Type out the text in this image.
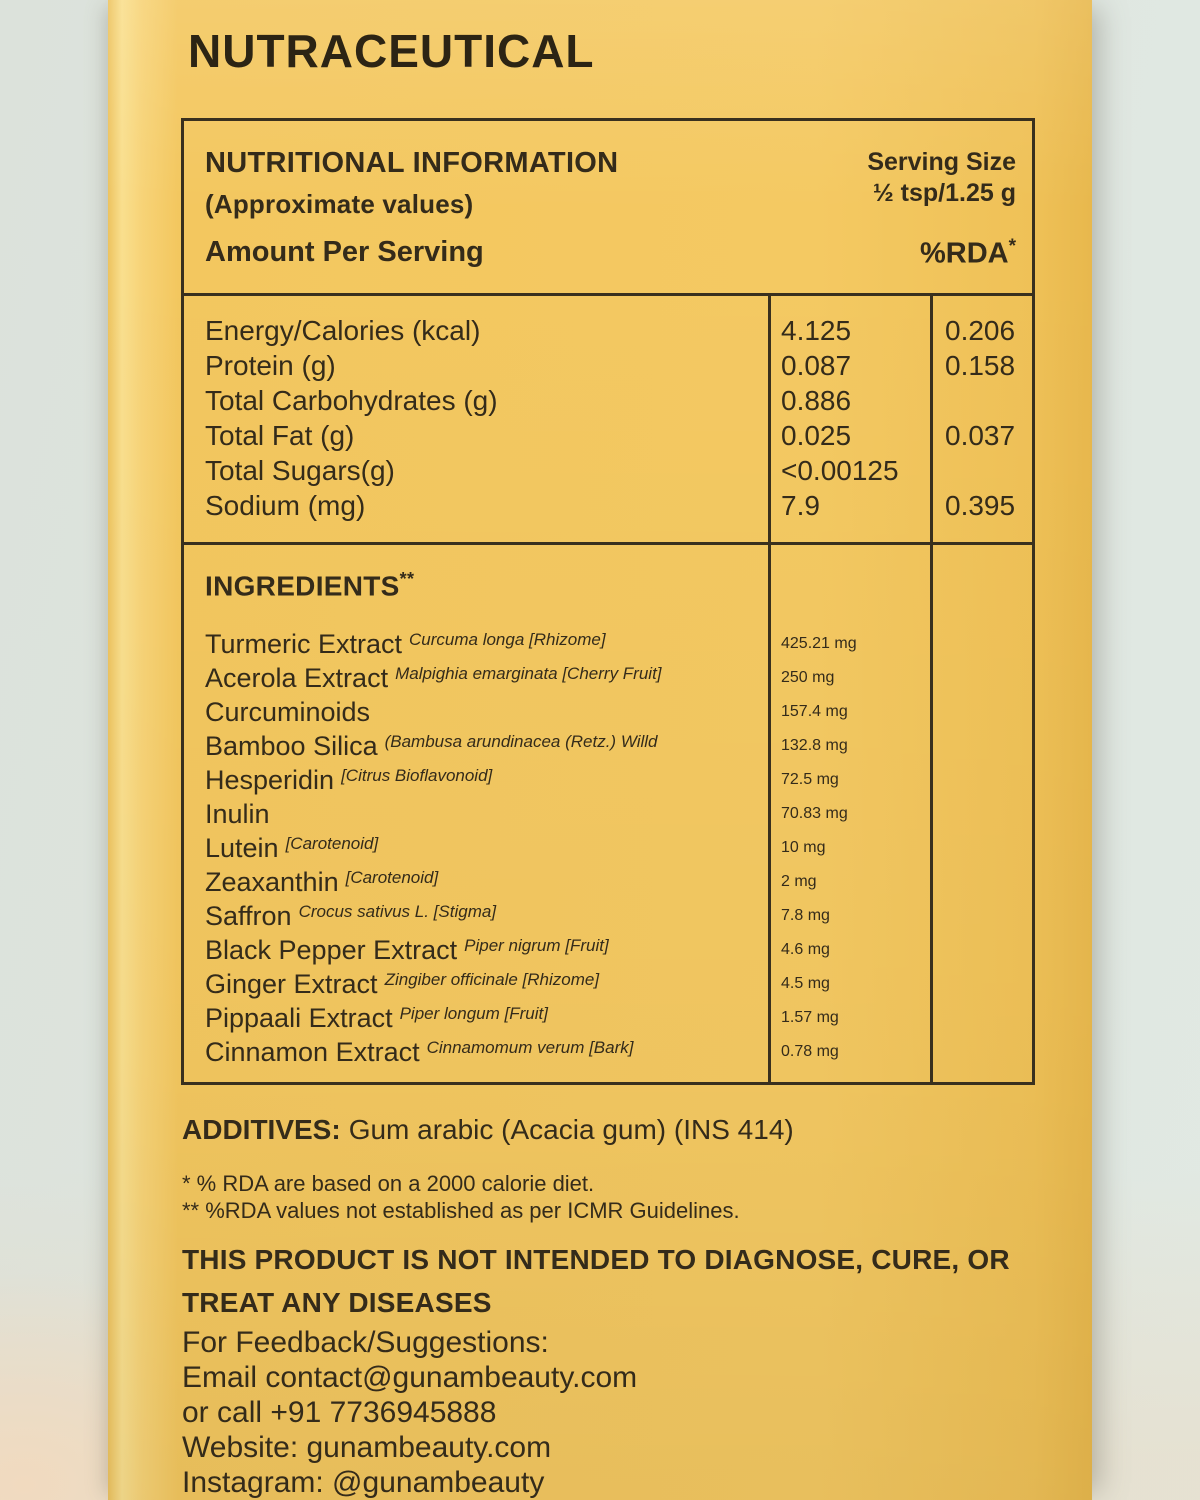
NUTRACEUTICAL
NUTRITIONAL INFORMATION
(Approximate values)
Serving Size
½ tsp/1.25 g
Amount Per Serving	%RDA*
Energy/Calories (kcal)	4.125	0.206
Protein (g)	0.087	0.158
Total Carbohydrates (g)	0.886
Total Fat (g)	0.025	0.037
Total Sugars(g)	<0.00125
Sodium (mg)	7.9	0.395
INGREDIENTS**
Turmeric Extract Curcuma longa [Rhizome]	425.21 mg
Acerola Extract Malpighia emarginata [Cherry Fruit]	250 mg
Curcuminoids	157.4 mg
Bamboo Silica (Bambusa arundinacea (Retz.) Willd	132.8 mg
Hesperidin [Citrus Bioflavonoid]	72.5 mg
Inulin	70.83 mg
Lutein [Carotenoid]	10 mg
Zeaxanthin [Carotenoid]	2 mg
Saffron Crocus sativus L. [Stigma]	7.8 mg
Black Pepper Extract Piper nigrum [Fruit]	4.6 mg
Ginger Extract Zingiber officinale [Rhizome]	4.5 mg
Pippaali Extract Piper longum [Fruit]	1.57 mg
Cinnamon Extract Cinnamomum verum [Bark]	0.78 mg
ADDITIVES: Gum arabic (Acacia gum) (INS 414)
* % RDA are based on a 2000 calorie diet.
** %RDA values not established as per ICMR Guidelines.
THIS PRODUCT IS NOT INTENDED TO DIAGNOSE, CURE, OR
TREAT ANY DISEASES
For Feedback/Suggestions:
Email contact@gunambeauty.com
or call +91 7736945888
Website: gunambeauty.com
Instagram: @gunambeauty
